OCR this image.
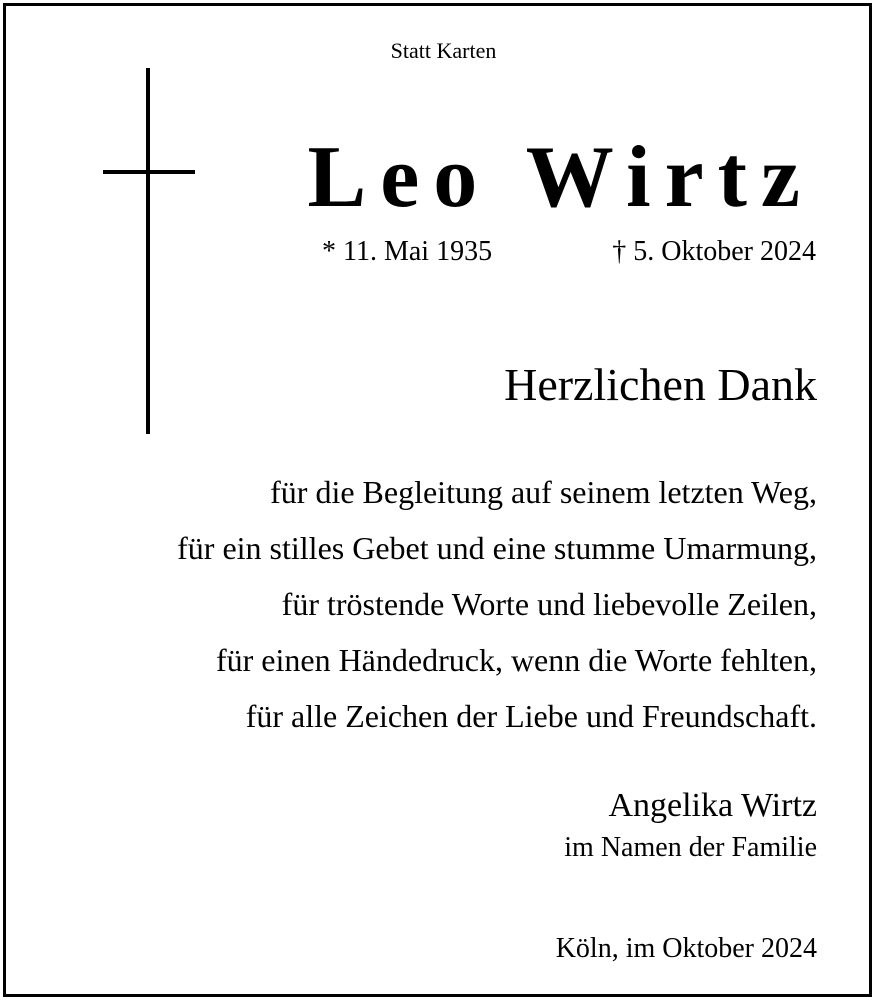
Statt Karten
Leo Wirtz
* 11. Mai 1935	† 5. Oktober 2024
Herzlichen Dank
für die Begleitung auf seinem letzten Weg,
für ein stilles Gebet und eine stumme Umarmung,
für tröstende Worte und liebevolle Zeilen,
für einen Händedruck, wenn die Worte fehlten,
für alle Zeichen der Liebe und Freundschaft.
Angelika Wirtz
im Namen der Familie
Köln, im Oktober 2024
